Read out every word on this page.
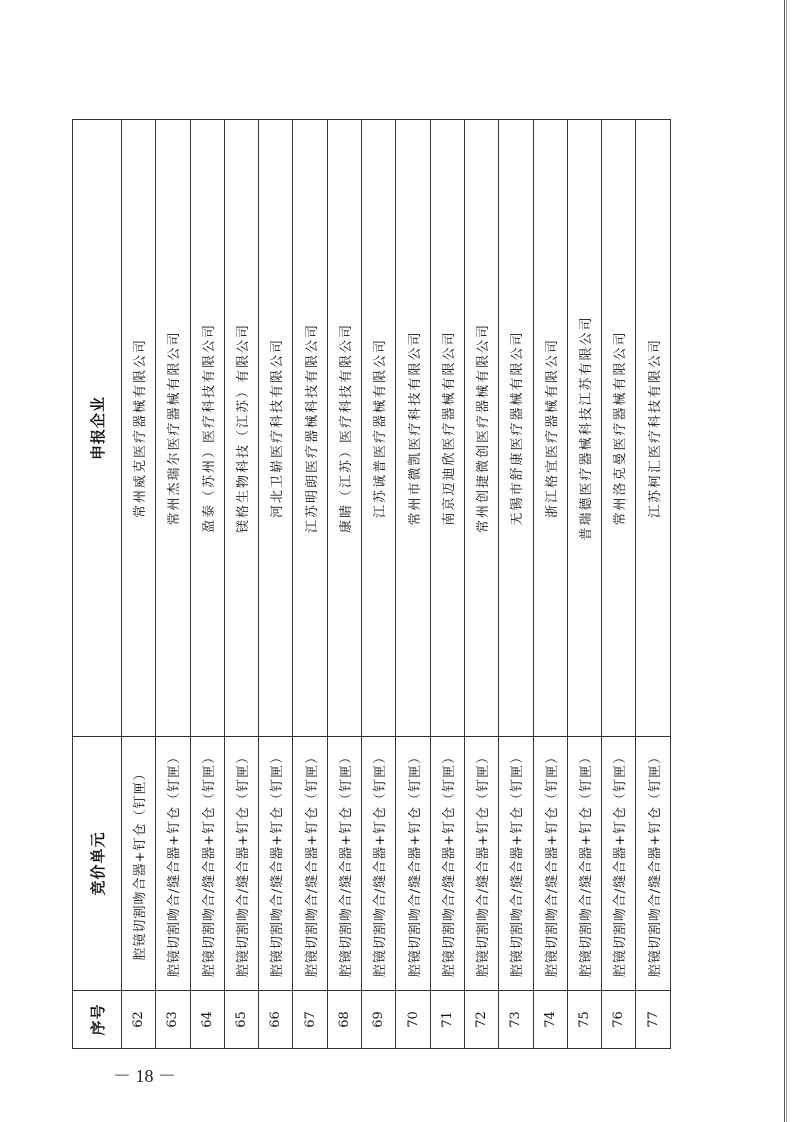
序号	竞价单元	申报企业
62	腔镜切割吻合器+钉仓（钉匣）	常州威克医疗器械有限公司
63	腔镜切割吻合/缝合器+钉仓（钉匣）	常州杰瑞尔医疗器械有限公司
64	腔镜切割吻合/缝合器+钉仓（钉匣）	盈泰（苏州）医疗科技有限公司
65	腔镜切割吻合/缝合器+钉仓（钉匣）	镁格生物科技（江苏）有限公司
66	腔镜切割吻合/缝合器+钉仓（钉匣）	河北卫崭医疗科技有限公司
67	腔镜切割吻合/缝合器+钉仓（钉匣）	江苏明朗医疗器械科技有限公司
68	腔镜切割吻合/缝合器+钉仓（钉匣）	康睛（江苏）医疗科技有限公司
69	腔镜切割吻合/缝合器+钉仓（钉匣）	江苏诚普医疗器械有限公司
70	腔镜切割吻合/缝合器+钉仓（钉匣）	常州市微凯医疗科技有限公司
71	腔镜切割吻合/缝合器+钉仓（钉匣）	南京迈迪欣医疗器械有限公司
72	腔镜切割吻合/缝合器+钉仓（钉匣）	常州创捷微创医疗器械有限公司
73	腔镜切割吻合/缝合器+钉仓（钉匣）	无锡市舒康医疗器械有限公司
74	腔镜切割吻合/缝合器+钉仓（钉匣）	浙江格宜医疗器械有限公司
75	腔镜切割吻合/缝合器+钉仓（钉匣）	普瑞德医疗器械科技江苏有限公司
76	腔镜切割吻合/缝合器+钉仓（钉匣）	常州洛克曼医疗器械有限公司
77	腔镜切割吻合/缝合器+钉仓（钉匣）	江苏柯汇医疗科技有限公司
－ 18 －
